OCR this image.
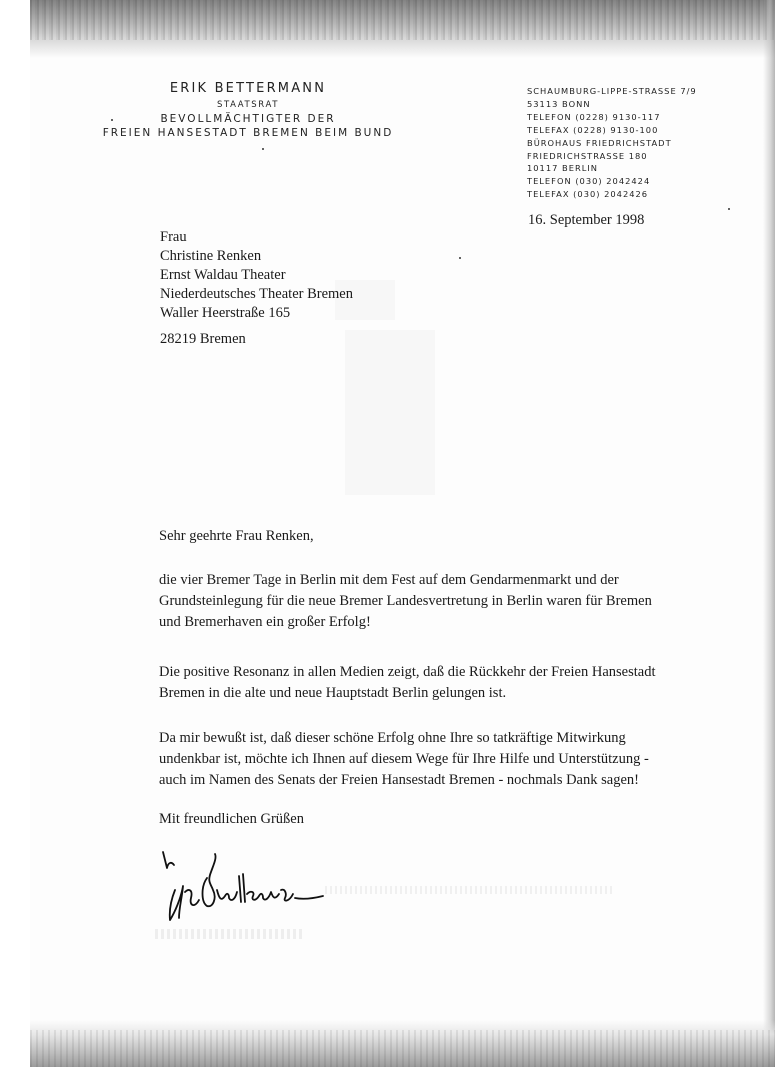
ERIK BETTERMANN
STAATSRAT
BEVOLLMÄCHTIGTER DER
FREIEN HANSESTADT BREMEN BEIM BUND
SCHAUMBURG-LIPPE-STRASSE 7/9
53113 BONN
TELEFON (0228) 9130-117
TELEFAX (0228) 9130-100
BÜROHAUS FRIEDRICHSTADT
FRIEDRICHSTRASSE 180
10117 BERLIN
TELEFON (030) 2042424
TELEFAX (030) 2042426
16. September 1998
Frau
Christine Renken
Ernst Waldau Theater
Niederdeutsches Theater Bremen
Waller Heerstraße 165
28219 Bremen
Sehr geehrte Frau Renken,
die vier Bremer Tage in Berlin mit dem Fest auf dem Gendarmenmarkt und der
Grundsteinlegung für die neue Bremer Landesvertretung in Berlin waren für Bremen
und Bremerhaven ein großer Erfolg!
Die positive Resonanz in allen Medien zeigt, daß die Rückkehr der Freien Hansestadt
Bremen in die alte und neue Hauptstadt Berlin gelungen ist.
Da mir bewußt ist, daß dieser schöne Erfolg ohne Ihre so tatkräftige Mitwirkung
undenkbar ist, möchte ich Ihnen auf diesem Wege für Ihre Hilfe und Unterstützung -
auch im Namen des Senats der Freien Hansestadt Bremen - nochmals Dank sagen!
Mit freundlichen Grüßen
